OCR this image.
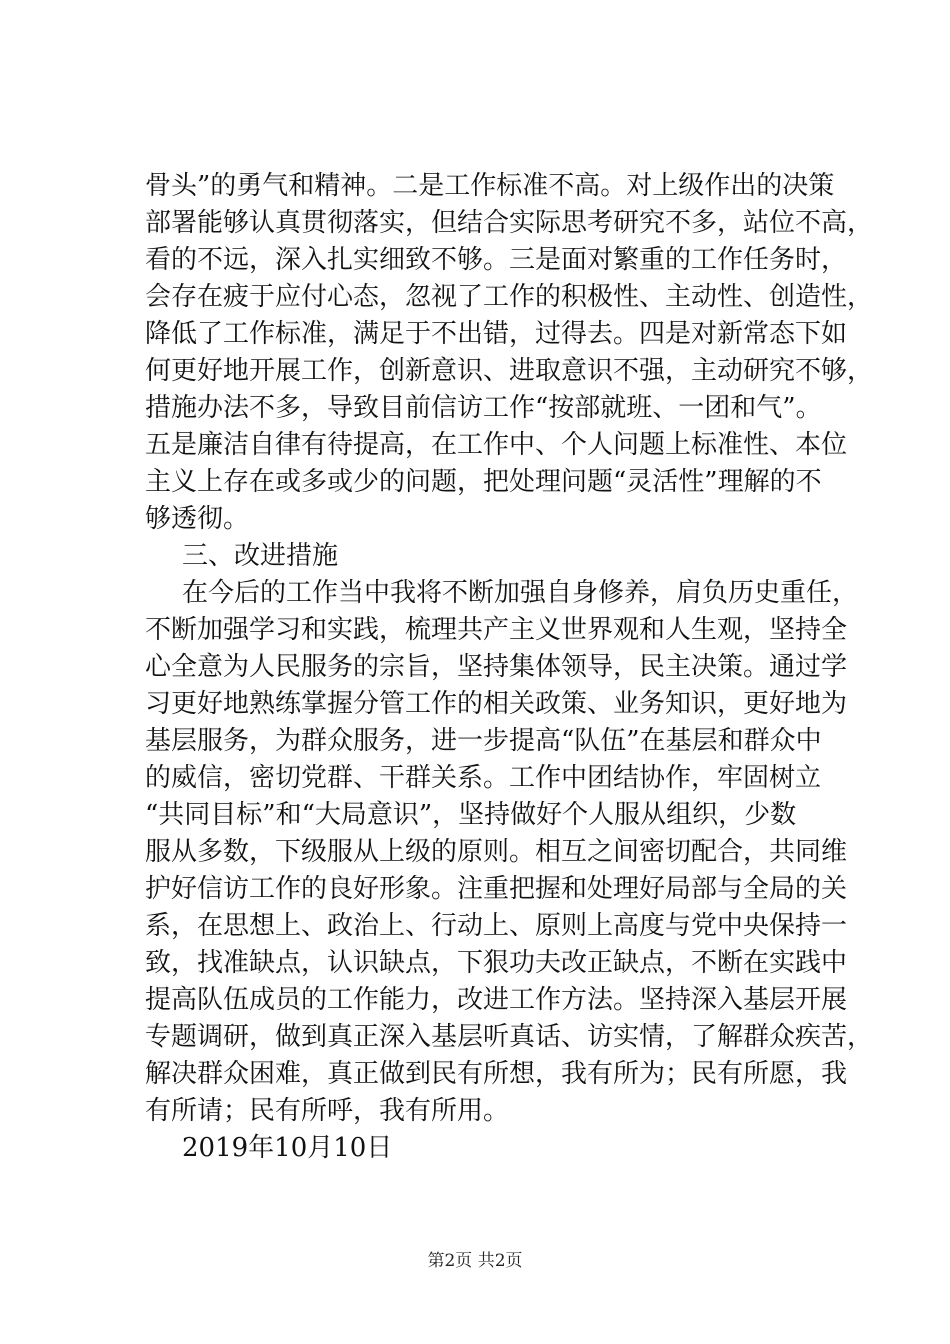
骨头”的勇气和精神。二是工作标准不高。对上级作出的决策
部署能够认真贯彻落实，但结合实际思考研究不多，站位不高，
看的不远，深入扎实细致不够。三是面对繁重的工作任务时，
会存在疲于应付心态，忽视了工作的积极性、主动性、创造性，
降低了工作标准，满足于不出错，过得去。四是对新常态下如
何更好地开展工作，创新意识、进取意识不强，主动研究不够，
措施办法不多，导致目前信访工作“按部就班、一团和气”。
五是廉洁自律有待提高，在工作中、个人问题上标准性、本位
主义上存在或多或少的问题，把处理问题“灵活性”理解的不
够透彻。
三、改进措施
在今后的工作当中我将不断加强自身修养，肩负历史重任，
不断加强学习和实践，梳理共产主义世界观和人生观，坚持全
心全意为人民服务的宗旨，坚持集体领导，民主决策。通过学
习更好地熟练掌握分管工作的相关政策、业务知识，更好地为
基层服务，为群众服务，进一步提高“队伍”在基层和群众中
的威信，密切党群、干群关系。工作中团结协作，牢固树立
“共同目标”和“大局意识”，坚持做好个人服从组织，少数
服从多数，下级服从上级的原则。相互之间密切配合，共同维
护好信访工作的良好形象。注重把握和处理好局部与全局的关
系，在思想上、政治上、行动上、原则上高度与党中央保持一
致，找准缺点，认识缺点，下狠功夫改正缺点，不断在实践中
提高队伍成员的工作能力，改进工作方法。坚持深入基层开展
专题调研，做到真正深入基层听真话、访实情，了解群众疾苦，
解决群众困难，真正做到民有所想，我有所为；民有所愿，我
有所请；民有所呼，我有所用。
2019年10月10日
第2页 共2页
